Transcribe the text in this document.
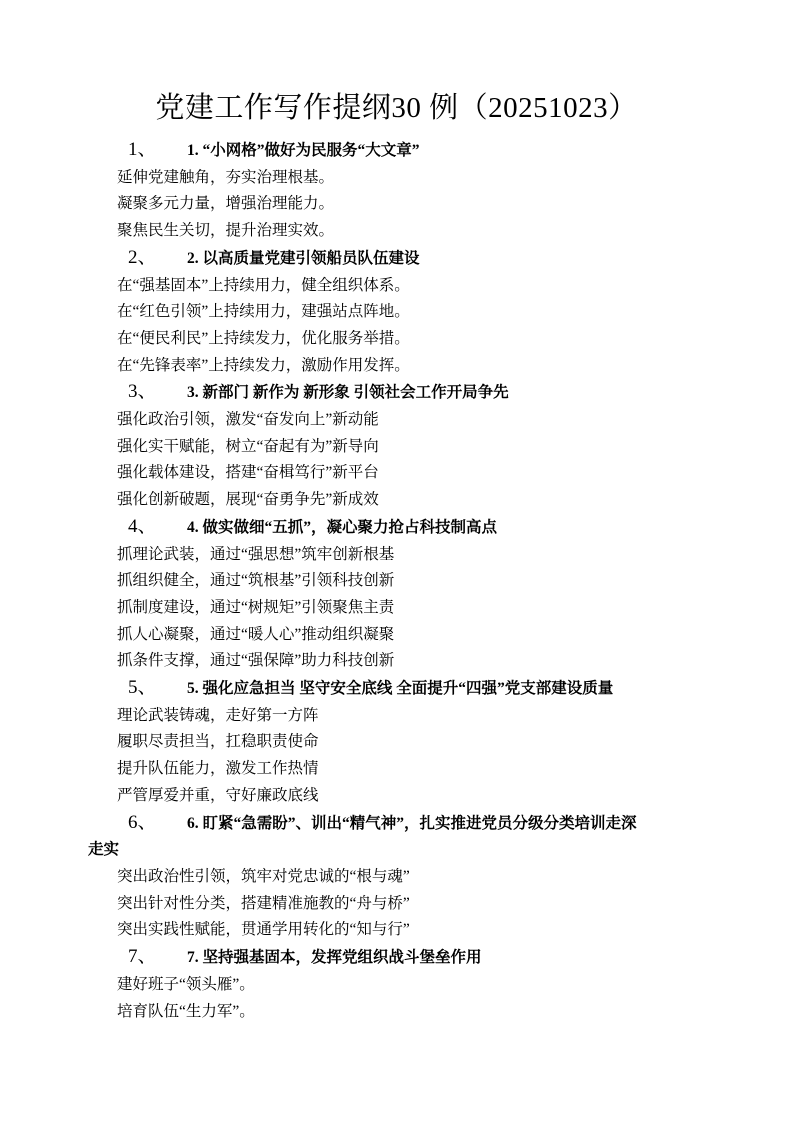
党建工作写作提纲30 例（20251023）

1、 1. “小网格”做好为民服务“大文章”

延伸党建触角，夯实治理根基。

凝聚多元力量，增强治理能力。

聚焦民生关切，提升治理实效。

2、 2. 以高质量党建引领船员队伍建设

在“强基固本”上持续用力，健全组织体系。

在“红色引领”上持续用力，建强站点阵地。

在“便民利民”上持续发力，优化服务举措。

在“先锋表率”上持续发力，激励作用发挥。

3、 3. 新部门 新作为 新形象 引领社会工作开局争先

强化政治引领，激发“奋发向上”新动能

强化实干赋能，树立“奋起有为”新导向

强化载体建设，搭建“奋楫笃行”新平台

强化创新破题，展现“奋勇争先”新成效

4、 4. 做实做细“五抓”，凝心聚力抢占科技制高点

抓理论武装，通过“强思想”筑牢创新根基

抓组织健全，通过“筑根基”引领科技创新

抓制度建设，通过“树规矩”引领聚焦主责

抓人心凝聚，通过“暖人心”推动组织凝聚

抓条件支撑，通过“强保障”助力科技创新

5、 5. 强化应急担当 坚守安全底线 全面提升“四强”党支部建设质量

理论武装铸魂，走好第一方阵

履职尽责担当，扛稳职责使命

提升队伍能力，激发工作热情

严管厚爱并重，守好廉政底线

6、 6. 盯紧“急需盼”、训出“精气神”，扎实推进党员分级分类培训走深

走实

突出政治性引领，筑牢对党忠诚的“根与魂”

突出针对性分类，搭建精准施教的“舟与桥”

突出实践性赋能，贯通学用转化的“知与行”

7、 7. 坚持强基固本，发挥党组织战斗堡垒作用

建好班子“领头雁”。

培育队伍“生力军”。
